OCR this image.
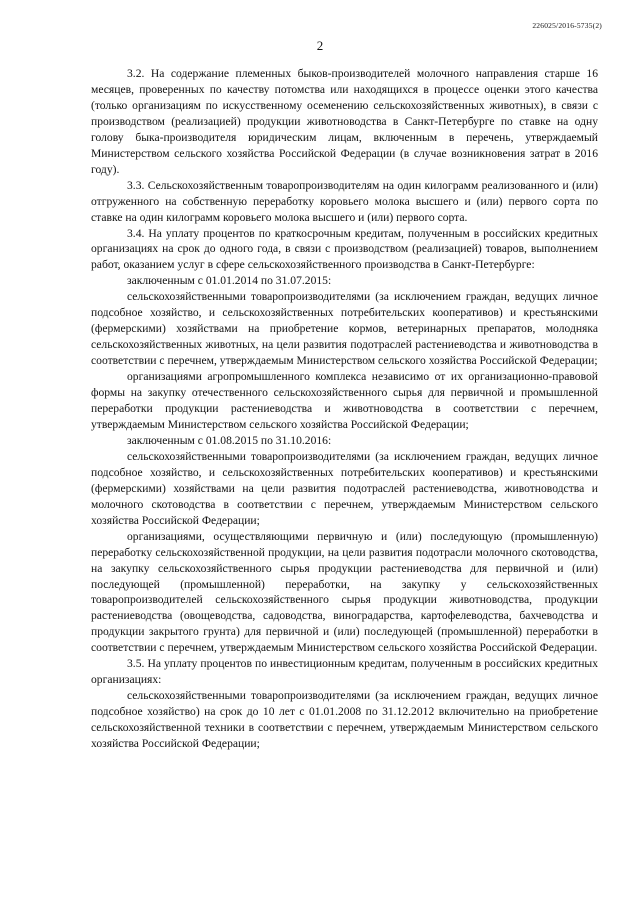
226025/2016-5735(2)
2

3.2. На содержание племенных быков-производителей молочного направления старше 16 месяцев, проверенных по качеству потомства или находящихся в процессе оценки этого качества (только организациям по искусственному осеменению сельскохозяйственных животных), в связи с производством (реализацией) продукции животноводства в Санкт-Петербурге по ставке на одну голову быка-производителя юридическим лицам, включенным в перечень, утверждаемый Министерством сельского хозяйства Российской Федерации (в случае возникновения затрат в 2016 году).

3.3. Сельскохозяйственным товаропроизводителям на один килограмм реализованного и (или) отгруженного на собственную переработку коровьего молока высшего и (или) первого сорта по ставке на один килограмм коровьего молока высшего и (или) первого сорта.

3.4. На уплату процентов по краткосрочным кредитам, полученным в российских кредитных организациях на срок до одного года, в связи с производством (реализацией) товаров, выполнением работ, оказанием услуг в сфере сельскохозяйственного производства в Санкт-Петербурге:

заключенным с 01.01.2014 по 31.07.2015:

сельскохозяйственными товаропроизводителями (за исключением граждан, ведущих личное подсобное хозяйство, и сельскохозяйственных потребительских кооперативов) и крестьянскими (фермерскими) хозяйствами на приобретение кормов, ветеринарных препаратов, молодняка сельскохозяйственных животных, на цели развития подотраслей растениеводства и животноводства в соответствии с перечнем, утверждаемым Министерством сельского хозяйства Российской Федерации;

организациями агропромышленного комплекса независимо от их организационно-правовой формы на закупку отечественного сельскохозяйственного сырья для первичной и промышленной переработки продукции растениеводства и животноводства в соответствии с перечнем, утверждаемым Министерством сельского хозяйства Российской Федерации;

заключенным с 01.08.2015 по 31.10.2016:

сельскохозяйственными товаропроизводителями (за исключением граждан, ведущих личное подсобное хозяйство, и сельскохозяйственных потребительских кооперативов) и крестьянскими (фермерскими) хозяйствами на цели развития подотраслей растениеводства, животноводства и молочного скотоводства в соответствии с перечнем, утверждаемым Министерством сельского хозяйства Российской Федерации;

организациями, осуществляющими первичную и (или) последующую (промышленную) переработку сельскохозяйственной продукции, на цели развития подотрасли молочного скотоводства, на закупку сельскохозяйственного сырья продукции растениеводства для первичной и (или) последующей (промышленной) переработки, на закупку у сельскохозяйственных товаропроизводителей сельскохозяйственного сырья продукции животноводства, продукции растениеводства (овощеводства, садоводства, виноградарства, картофелеводства, бахчеводства и продукции закрытого грунта) для первичной и (или) последующей (промышленной) переработки в соответствии с перечнем, утверждаемым Министерством сельского хозяйства Российской Федерации.

3.5. На уплату процентов по инвестиционным кредитам, полученным в российских кредитных организациях:

сельскохозяйственными товаропроизводителями (за исключением граждан, ведущих личное подсобное хозяйство) на срок до 10 лет с 01.01.2008 по 31.12.2012 включительно на приобретение сельскохозяйственной техники в соответствии с перечнем, утверждаемым Министерством сельского хозяйства Российской Федерации;
